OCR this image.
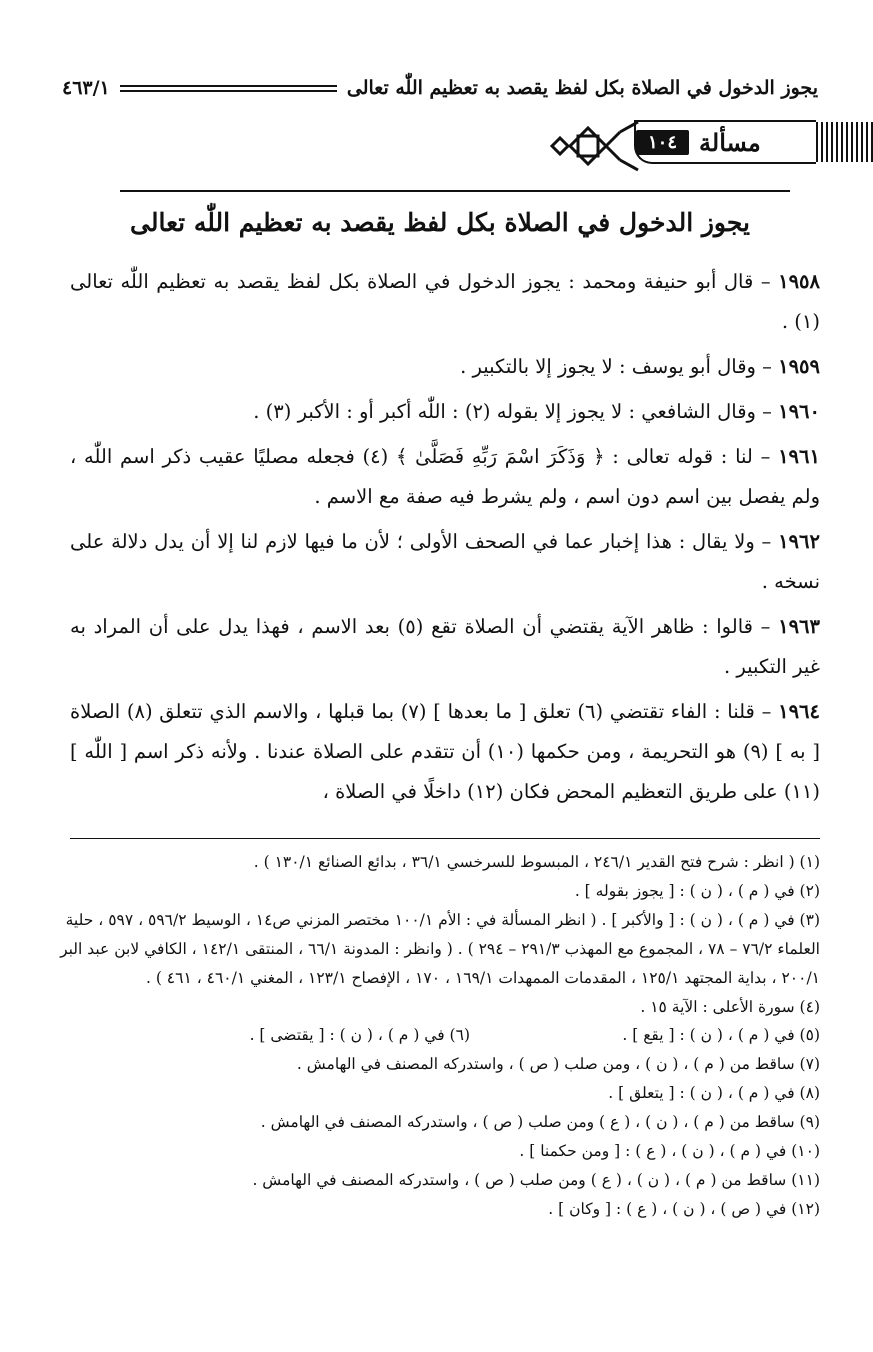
يجوز الدخول في الصلاة بكل لفظ يقصد به تعظيم اللّٰه تعالى
٤٦٣/١
مسألة
١٠٤
يجوز الدخول في الصلاة بكل لفظ يقصد به تعظيم اللّٰه تعالى

١٩٥٨ – قال أبو حنيفة ومحمد : يجوز الدخول في الصلاة بكل لفظ يقصد به تعظيم اللّٰه تعالى (١) .

١٩٥٩ – وقال أبو يوسف : لا يجوز إلا بالتكبير .

١٩٦٠ – وقال الشافعي : لا يجوز إلا بقوله (٢) : اللّٰه أكبر أو : الأكبر (٣) .

١٩٦١ – لنا : قوله تعالى : ﴿ وَذَكَرَ اسْمَ رَبِّهِ فَصَلَّىٰ ﴾ (٤) فجعله مصليًا عقيب ذكر اسم اللّٰه ، ولم يفصل بين اسم دون اسم ، ولم يشرط فيه صفة مع الاسم .

١٩٦٢ – ولا يقال : هذا إخبار عما في الصحف الأولى ؛ لأن ما فيها لازم لنا إلا أن يدل دلالة على نسخه .

١٩٦٣ – قالوا : ظاهر الآية يقتضي أن الصلاة تقع (٥) بعد الاسم ، فهذا يدل على أن المراد به غير التكبير .

١٩٦٤ – قلنا : الفاء تقتضي (٦) تعلق [ ما بعدها ] (٧) بما قبلها ، والاسم الذي تتعلق (٨) الصلاة [ به ] (٩) هو التحريمة ، ومن حكمها (١٠) أن تتقدم على الصلاة عندنا . ولأنه ذكر اسم [ اللّٰه ] (١١) على طريق التعظيم المحض فكان (١٢) داخلًا في الصلاة ،

(١) ( انظر : شرح فتح القدير ٢٤٦/١ ، المبسوط للسرخسي ٣٦/١ ، بدائع الصنائع ١٣٠/١ ) .

(٢) في ( م ) ، ( ن ) : [ يجوز بقوله ] .

(٣) في ( م ) ، ( ن ) : [ والأكبر ] . ( انظر المسألة في : الأم ١٠٠/١ مختصر المزني ص١٤ ، الوسيط ٥٩٦/٢ ، ٥٩٧ ، حلية العلماء ٧٦/٢ – ٧٨ ، المجموع مع المهذب ٢٩١/٣ – ٢٩٤ ) . ( وانظر : المدونة ٦٦/١ ، المنتقى ١٤٢/١ ، الكافي لابن عبد البر ٢٠٠/١ ، بداية المجتهد ١٢٥/١ ، المقدمات الممهدات ١٦٩/١ ، ١٧٠ ، الإفصاح ١٢٣/١ ، المغني ٤٦٠/١ ، ٤٦١ ) .

(٤) سورة الأعلى : الآية ١٥ .

(٥) في ( م ) ، ( ن ) : [ يقع ] .

(٦) في ( م ) ، ( ن ) : [ يقتضى ] .

(٧) ساقط من ( م ) ، ( ن ) ، ومن صلب ( ص ) ، واستدركه المصنف في الهامش .

(٨) في ( م ) ، ( ن ) : [ يتعلق ] .

(٩) ساقط من ( م ) ، ( ن ) ، ( ع ) ومن صلب ( ص ) ، واستدركه المصنف في الهامش .

(١٠) في ( م ) ، ( ن ) ، ( ع ) : [ ومن حكمنا ] .

(١١) ساقط من ( م ) ، ( ن ) ، ( ع ) ومن صلب ( ص ) ، واستدركه المصنف في الهامش .

(١٢) في ( ص ) ، ( ن ) ، ( ع ) : [ وكان ] .
